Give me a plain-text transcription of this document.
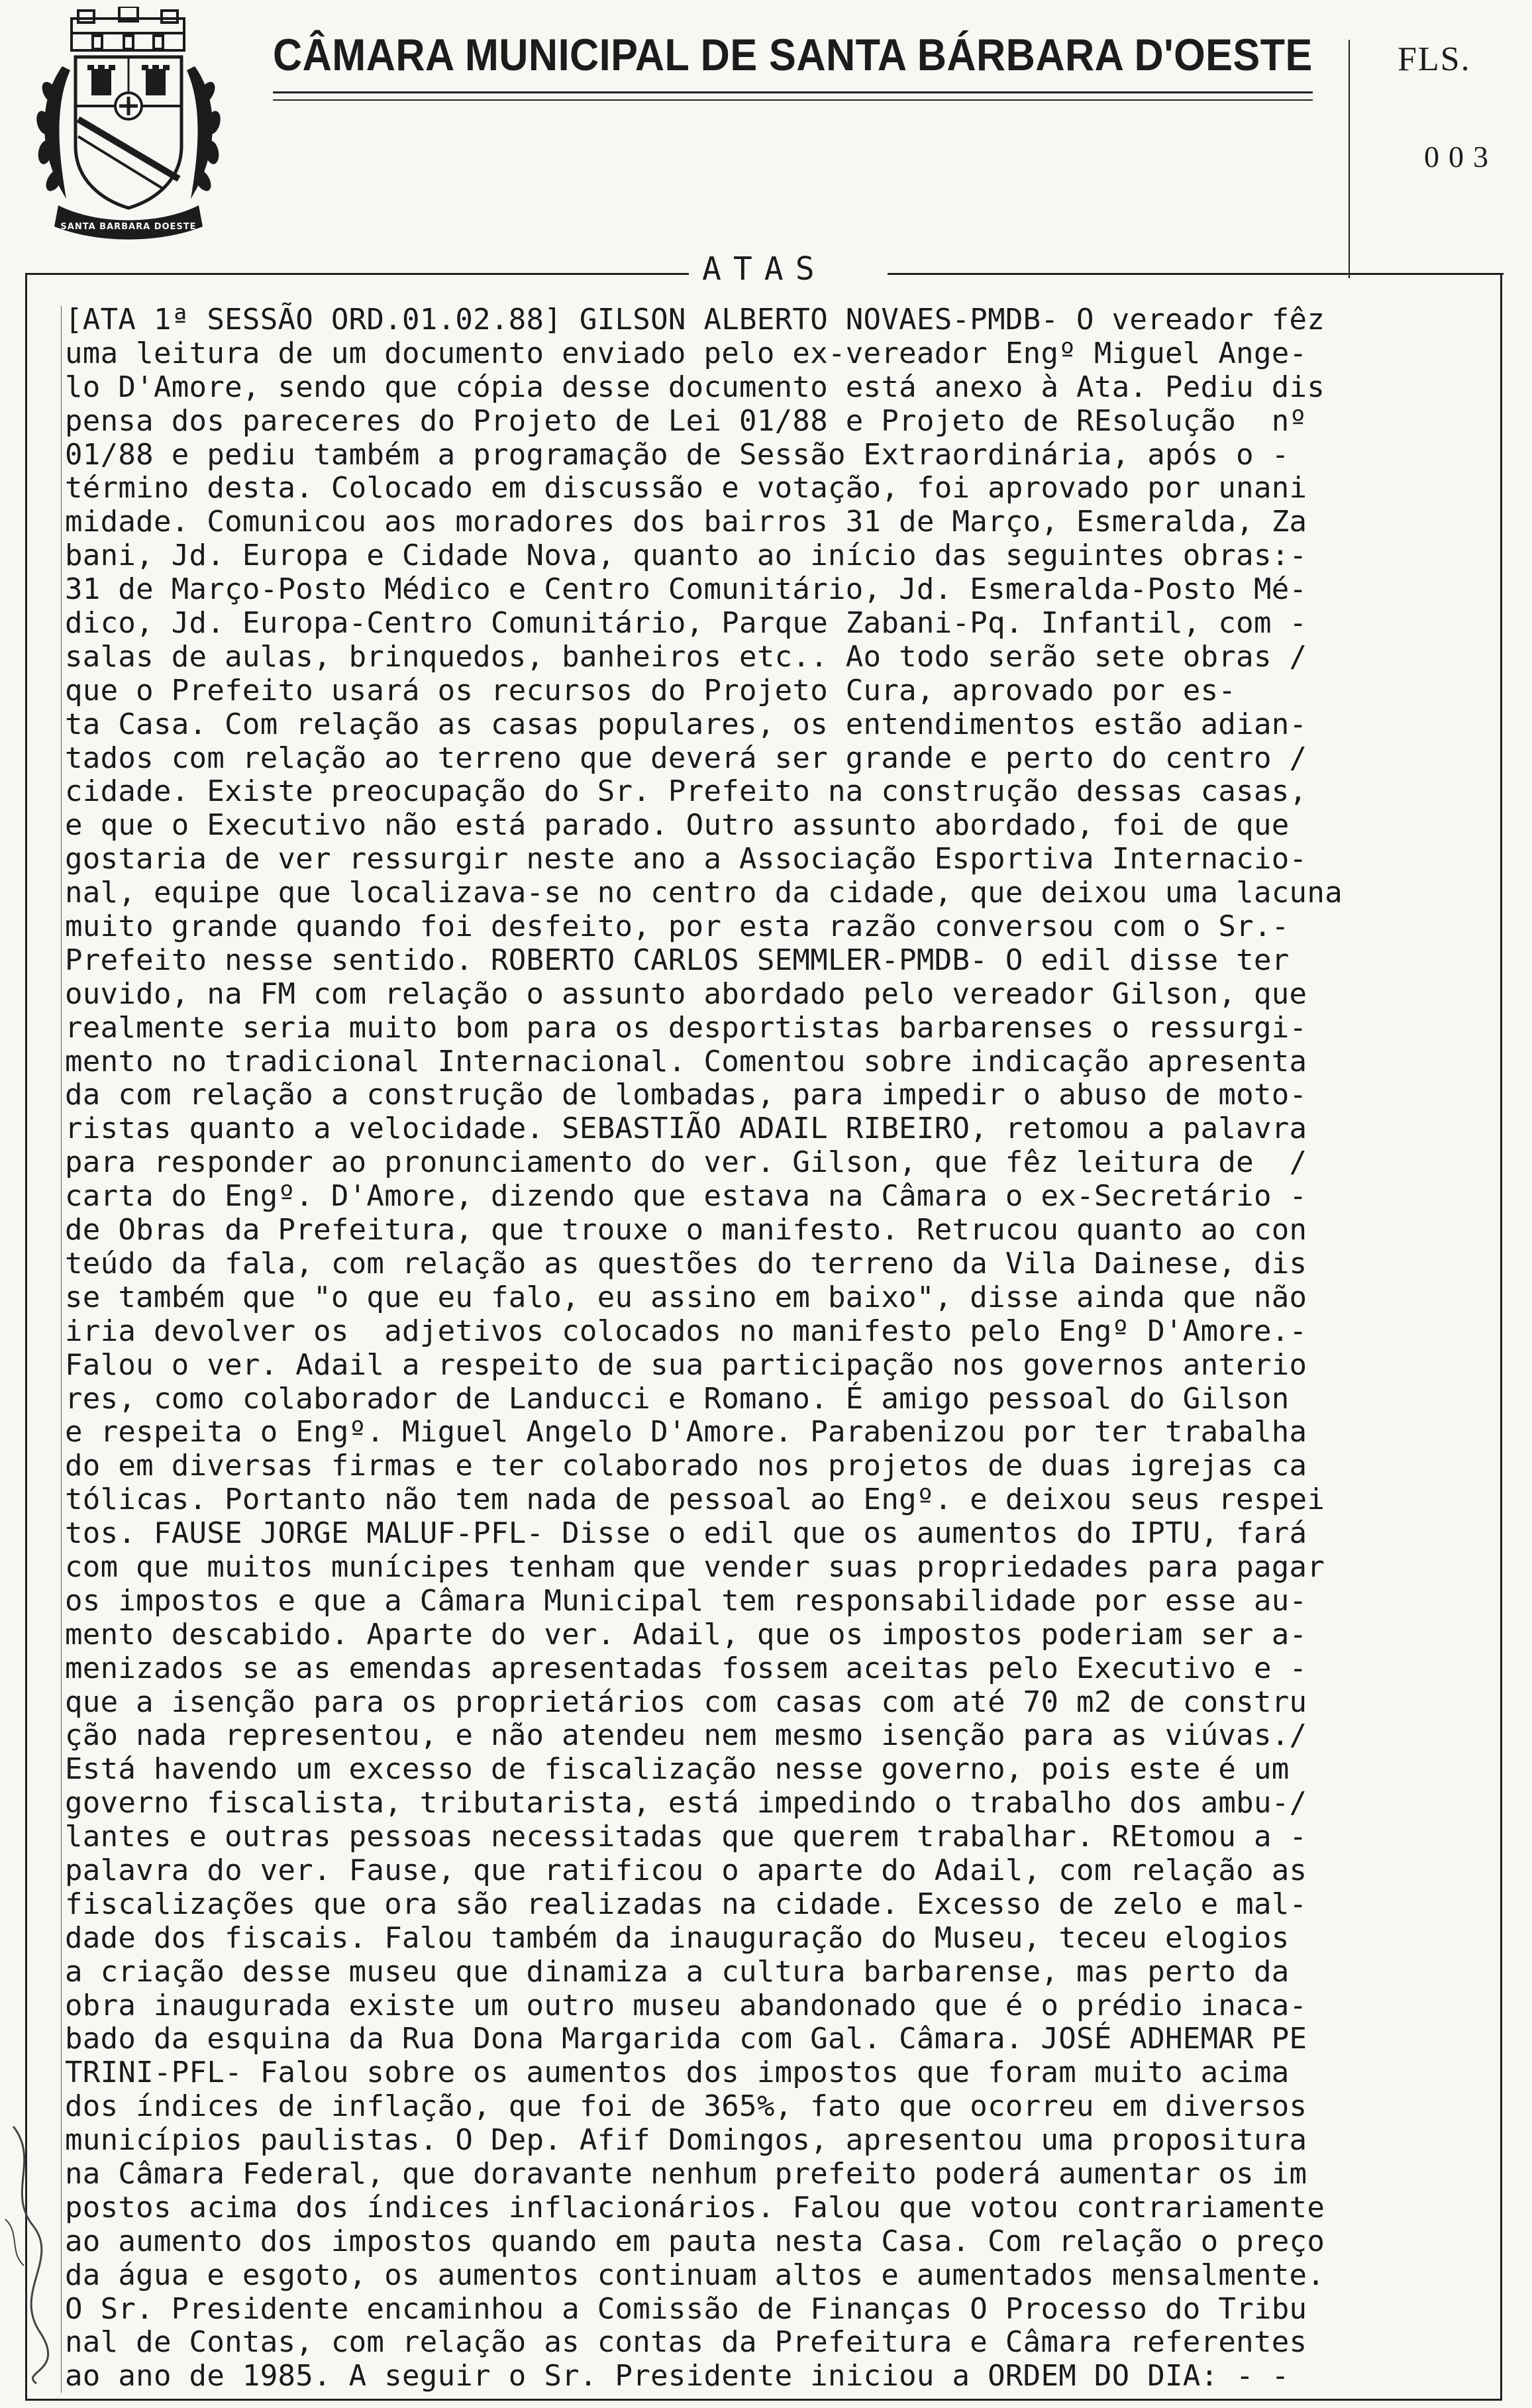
SANTA BARBARA DOESTE
CÂMARA MUNICIPAL DE SANTA BÁRBARA D'OESTE FLS.
003
ATAS
[ATA 1ª SESSÃO ORD.01.02.88] GILSON ALBERTO NOVAES-PMDB- O vereador fêz
uma leitura de um documento enviado pelo ex-vereador Engº Miguel Ange-
lo D'Amore, sendo que cópia desse documento está anexo à Ata. Pediu dis
pensa dos pareceres do Projeto de Lei 01/88 e Projeto de REsolução  nº
01/88 e pediu também a programação de Sessão Extraordinária, após o -
término desta. Colocado em discussão e votação, foi aprovado por unani
midade. Comunicou aos moradores dos bairros 31 de Março, Esmeralda, Za
bani, Jd. Europa e Cidade Nova, quanto ao início das seguintes obras:-
31 de Março-Posto Médico e Centro Comunitário, Jd. Esmeralda-Posto Mé-
dico, Jd. Europa-Centro Comunitário, Parque Zabani-Pq. Infantil, com -
salas de aulas, brinquedos, banheiros etc.. Ao todo serão sete obras /
que o Prefeito usará os recursos do Projeto Cura, aprovado por es-
ta Casa. Com relação as casas populares, os entendimentos estão adian-
tados com relação ao terreno que deverá ser grande e perto do centro /
cidade. Existe preocupação do Sr. Prefeito na construção dessas casas,
e que o Executivo não está parado. Outro assunto abordado, foi de que
gostaria de ver ressurgir neste ano a Associação Esportiva Internacio-
nal, equipe que localizava-se no centro da cidade, que deixou uma lacuna
muito grande quando foi desfeito, por esta razão conversou com o Sr.-
Prefeito nesse sentido. ROBERTO CARLOS SEMMLER-PMDB- O edil disse ter
ouvido, na FM com relação o assunto abordado pelo vereador Gilson, que
realmente seria muito bom para os desportistas barbarenses o ressurgi-
mento no tradicional Internacional. Comentou sobre indicação apresenta
da com relação a construção de lombadas, para impedir o abuso de moto-
ristas quanto a velocidade. SEBASTIÃO ADAIL RIBEIRO, retomou a palavra
para responder ao pronunciamento do ver. Gilson, que fêz leitura de  /
carta do Engº. D'Amore, dizendo que estava na Câmara o ex-Secretário -
de Obras da Prefeitura, que trouxe o manifesto. Retrucou quanto ao con
teúdo da fala, com relação as questões do terreno da Vila Dainese, dis
se também que "o que eu falo, eu assino em baixo", disse ainda que não
iria devolver os  adjetivos colocados no manifesto pelo Engº D'Amore.-
Falou o ver. Adail a respeito de sua participação nos governos anterio
res, como colaborador de Landucci e Romano. É amigo pessoal do Gilson
e respeita o Engº. Miguel Angelo D'Amore. Parabenizou por ter trabalha
do em diversas firmas e ter colaborado nos projetos de duas igrejas ca
tólicas. Portanto não tem nada de pessoal ao Engº. e deixou seus respei
tos. FAUSE JORGE MALUF-PFL- Disse o edil que os aumentos do IPTU, fará
com que muitos munícipes tenham que vender suas propriedades para pagar
os impostos e que a Câmara Municipal tem responsabilidade por esse au-
mento descabido. Aparte do ver. Adail, que os impostos poderiam ser a-
menizados se as emendas apresentadas fossem aceitas pelo Executivo e -
que a isenção para os proprietários com casas com até 70 m2 de constru
ção nada representou, e não atendeu nem mesmo isenção para as viúvas./
Está havendo um excesso de fiscalização nesse governo, pois este é um
governo fiscalista, tributarista, está impedindo o trabalho dos ambu-/
lantes e outras pessoas necessitadas que querem trabalhar. REtomou a -
palavra do ver. Fause, que ratificou o aparte do Adail, com relação as
fiscalizações que ora são realizadas na cidade. Excesso de zelo e mal-
dade dos fiscais. Falou também da inauguração do Museu, teceu elogios
a criação desse museu que dinamiza a cultura barbarense, mas perto da
obra inaugurada existe um outro museu abandonado que é o prédio inaca-
bado da esquina da Rua Dona Margarida com Gal. Câmara. JOSÉ ADHEMAR PE
TRINI-PFL- Falou sobre os aumentos dos impostos que foram muito acima
dos índices de inflação, que foi de 365%, fato que ocorreu em diversos
municípios paulistas. O Dep. Afif Domingos, apresentou uma propositura
na Câmara Federal, que doravante nenhum prefeito poderá aumentar os im
postos acima dos índices inflacionários. Falou que votou contrariamente
ao aumento dos impostos quando em pauta nesta Casa. Com relação o preço
da água e esgoto, os aumentos continuam altos e aumentados mensalmente.
O Sr. Presidente encaminhou a Comissão de Finanças O Processo do Tribu
nal de Contas, com relação as contas da Prefeitura e Câmara referentes
ao ano de 1985. A seguir o Sr. Presidente iniciou a ORDEM DO DIA: - -
